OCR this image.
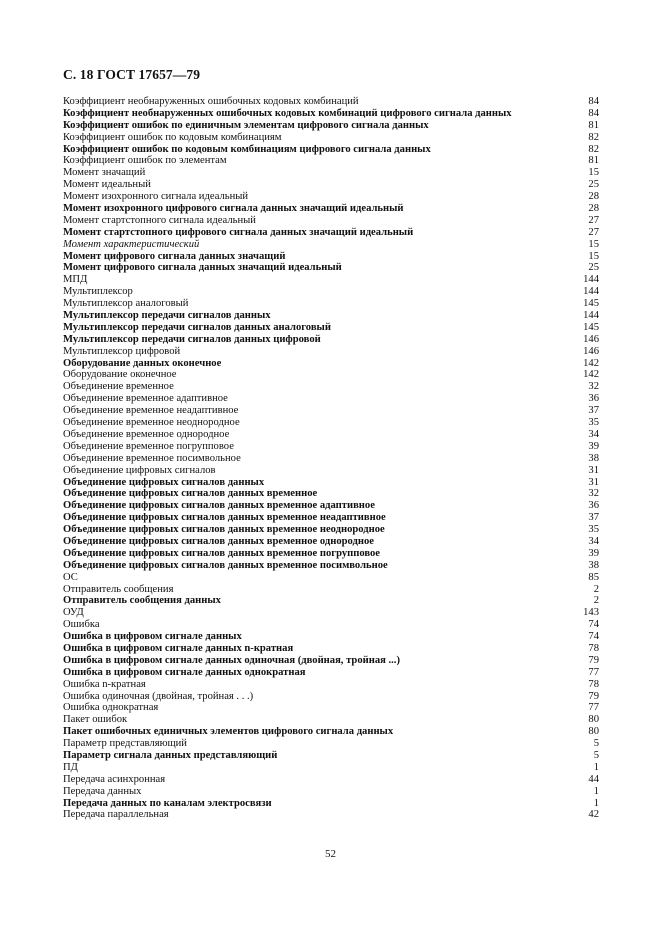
С. 18 ГОСТ 17657—79
Коэффициент необнаруженных ошибочных кодовых комбинаций	84
Коэффициент необнаруженных ошибочных кодовых комбинаций цифрового сигнала данных	84
Коэффициент ошибок по единичным элементам цифрового сигнала данных	81
Коэффициент ошибок по кодовым комбинациям	82
Коэффициент ошибок по кодовым комбинациям цифрового сигнала данных	82
Коэффициент ошибок по элементам	81
Момент значащий	15
Момент идеальный	25
Момент изохронного сигнала идеальный	28
Момент изохронного цифрового сигнала данных значащий идеальный	28
Момент стартстопного сигнала идеальный	27
Момент стартстопного цифрового сигнала данных значащий идеальный	27
Момент характеристический	15
Момент цифрового сигнала данных значащий	15
Момент цифрового сигнала данных значащий идеальный	25
МПД	144
Мультиплексор	144
Мультиплексор аналоговый	145
Мультиплексор передачи сигналов данных	144
Мультиплексор передачи сигналов данных аналоговый	145
Мультиплексор передачи сигналов данных цифровой	146
Мультиплексор цифровой	146
Оборудование данных оконечное	142
Оборудование оконечное	142
Объединение временное	32
Объединение временное адаптивное	36
Объединение временное неадаптивное	37
Объединение временное неоднородное	35
Объединение временное однородное	34
Объединение временное погрупповое	39
Объединение временное посимвольное	38
Объединение цифровых сигналов	31
Объединение цифровых сигналов данных	31
Объединение цифровых сигналов данных временное	32
Объединение цифровых сигналов данных временное адаптивное	36
Объединение цифровых сигналов данных временное неадаптивное	37
Объединение цифровых сигналов данных временное неоднородное	35
Объединение цифровых сигналов данных временное однородное	34
Объединение цифровых сигналов данных временное погрупповое	39
Объединение цифровых сигналов данных временное посимвольное	38
ОС	85
Отправитель сообщения	2
Отправитель сообщения данных	2
ОУД	143
Ошибка	74
Ошибка в цифровом сигнале данных	74
Ошибка в цифровом сигнале данных n-кратная	78
Ошибка в цифровом сигнале данных одиночная (двойная, тройная ...)	79
Ошибка в цифровом сигнале данных однократная	77
Ошибка n-кратная	78
Ошибка одиночная (двойная, тройная . . .)	79
Ошибка однократная	77
Пакет ошибок	80
Пакет ошибочных единичных элементов цифрового сигнала данных	80
Параметр представляющий	5
Параметр сигнала данных представляющий	5
ПД	1
Передача асинхронная	44
Передача данных	1
Передача данных по каналам электросвязи	1
Передача параллельная	42
52
